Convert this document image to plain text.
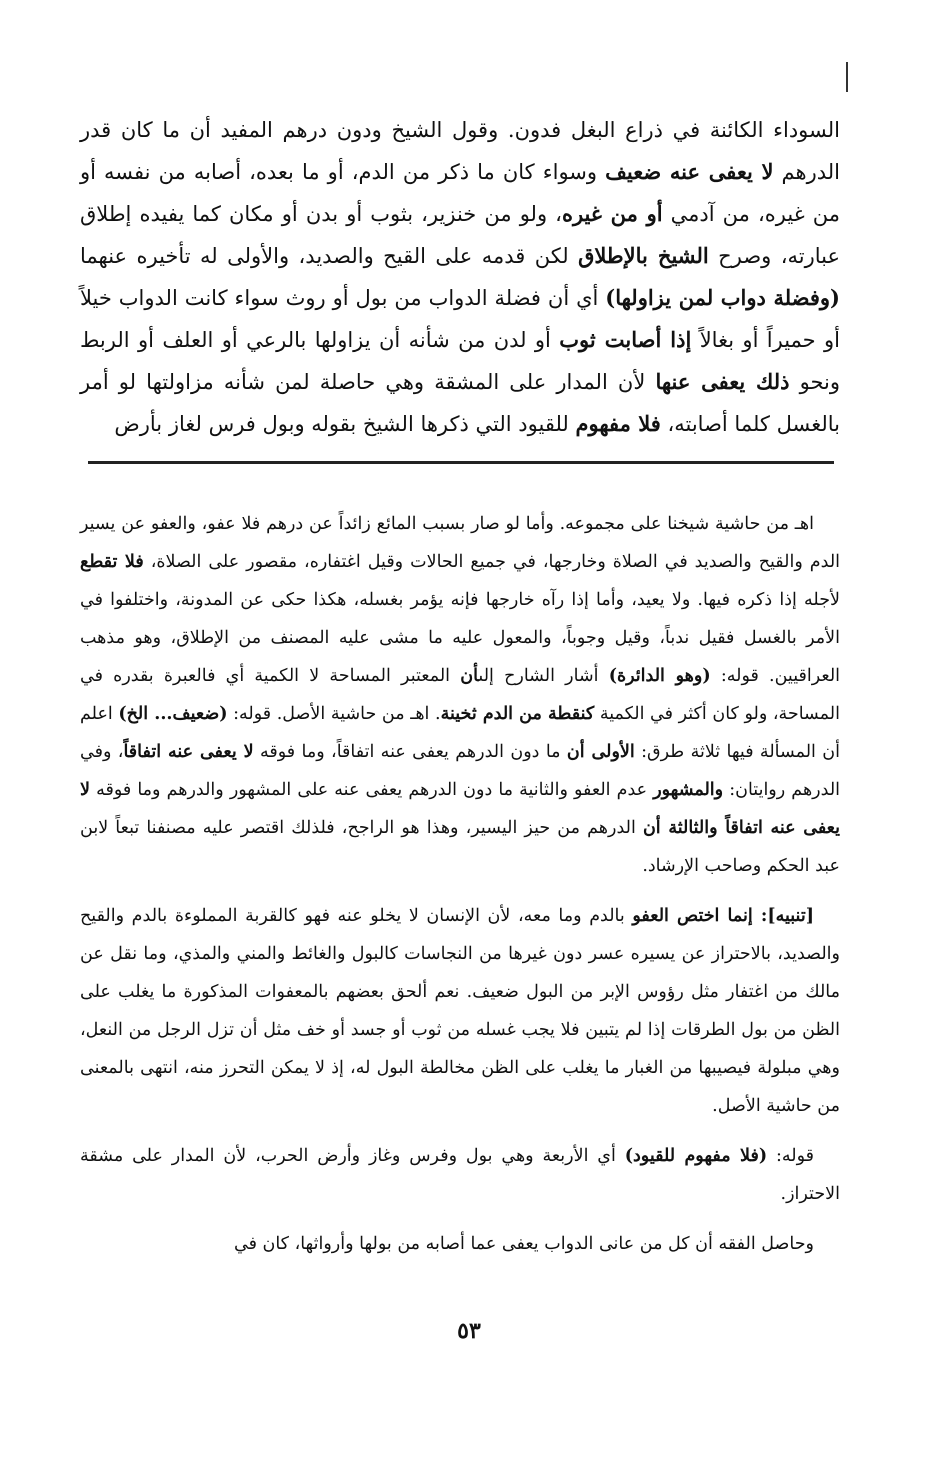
السوداء الكائنة في ذراع البغل فدون. وقول الشيخ ودون درهم المفيد أن ما كان قدر الدرهم لا يعفى عنه ضعيف وسواء كان ما ذكر من الدم، أو ما بعده، أصابه من نفسه أو من غيره، من آدمي أو من غيره، ولو من خنزير، بثوب أو بدن أو مكان كما يفيده إطلاق عبارته، وصرح الشيخ بالإطلاق لكن قدمه على القيح والصديد، والأولى له تأخيره عنهما (وفضلة دواب لمن يزاولها) أي أن فضلة الدواب من بول أو روث سواء كانت الدواب خيلاً أو حميراً أو بغالاً إذا أصابت ثوب أو لدن من شأنه أن يزاولها بالرعي أو العلف أو الربط ونحو ذلك يعفى عنها لأن المدار على المشقة وهي حاصلة لمن شأنه مزاولتها لو أمر بالغسل كلما أصابته، فلا مفهوم للقيود التي ذكرها الشيخ بقوله وبول فرس لغاز بأرض

اهـ من حاشية شيخنا على مجموعه. وأما لو صار بسبب المائع زائداً عن درهم فلا عفو، والعفو عن يسير الدم والقيح والصديد في الصلاة وخارجها، في جميع الحالات وقيل اغتفاره، مقصور على الصلاة، فلا تقطع لأجله إذا ذكره فيها. ولا يعيد، وأما إذا رآه خارجها فإنه يؤمر بغسله، هكذا حكى عن المدونة، واختلفوا في الأمر بالغسل فقيل ندباً، وقيل وجوباً، والمعول عليه ما مشى عليه المصنف من الإطلاق، وهو مذهب العراقيين. قوله: (وهو الدائرة) أشار الشارح إلىأن المعتبر المساحة لا الكمية أي فالعبرة بقدره في المساحة، ولو كان أكثر في الكمية كنقطة من الدم ثخينة. اهـ من حاشية الأصل. قوله: (ضعيف... الخ) اعلم أن المسألة فيها ثلاثة طرق: الأولى أن ما دون الدرهم يعفى عنه اتفاقاً، وما فوقه لا يعفى عنه اتفاقاً، وفي الدرهم روايتان: والمشهور عدم العفو والثانية ما دون الدرهم يعفى عنه على المشهور والدرهم وما فوقه لا يعفى عنه اتفاقاً والثالثة أن الدرهم من حيز اليسير، وهذا هو الراجح، فلذلك اقتصر عليه مصنفنا تبعاً لابن عبد الحكم وصاحب الإرشاد.

[تنبيه]: إنما اختص العفو بالدم وما معه، لأن الإنسان لا يخلو عنه فهو كالقربة المملوءة بالدم والقيح والصديد، بالاحتراز عن يسيره عسر دون غيرها من النجاسات كالبول والغائط والمني والمذي، وما نقل عن مالك من اغتفار مثل رؤوس الإبر من البول ضعيف. نعم ألحق بعضهم بالمعفوات المذكورة ما يغلب على الظن من بول الطرقات إذا لم يتبين فلا يجب غسله من ثوب أو جسد أو خف مثل أن تزل الرجل من النعل، وهي مبلولة فيصيبها من الغبار ما يغلب على الظن مخالطة البول له، إذ لا يمكن التحرز منه، انتهى بالمعنى من حاشية الأصل.

قوله: (فلا مفهوم للقيود) أي الأربعة وهي بول وفرس وغاز وأرض الحرب، لأن المدار على مشقة الاحتراز.

وحاصل الفقه أن كل من عانى الدواب يعفى عما أصابه من بولها وأرواثها، كان في

٥٣
